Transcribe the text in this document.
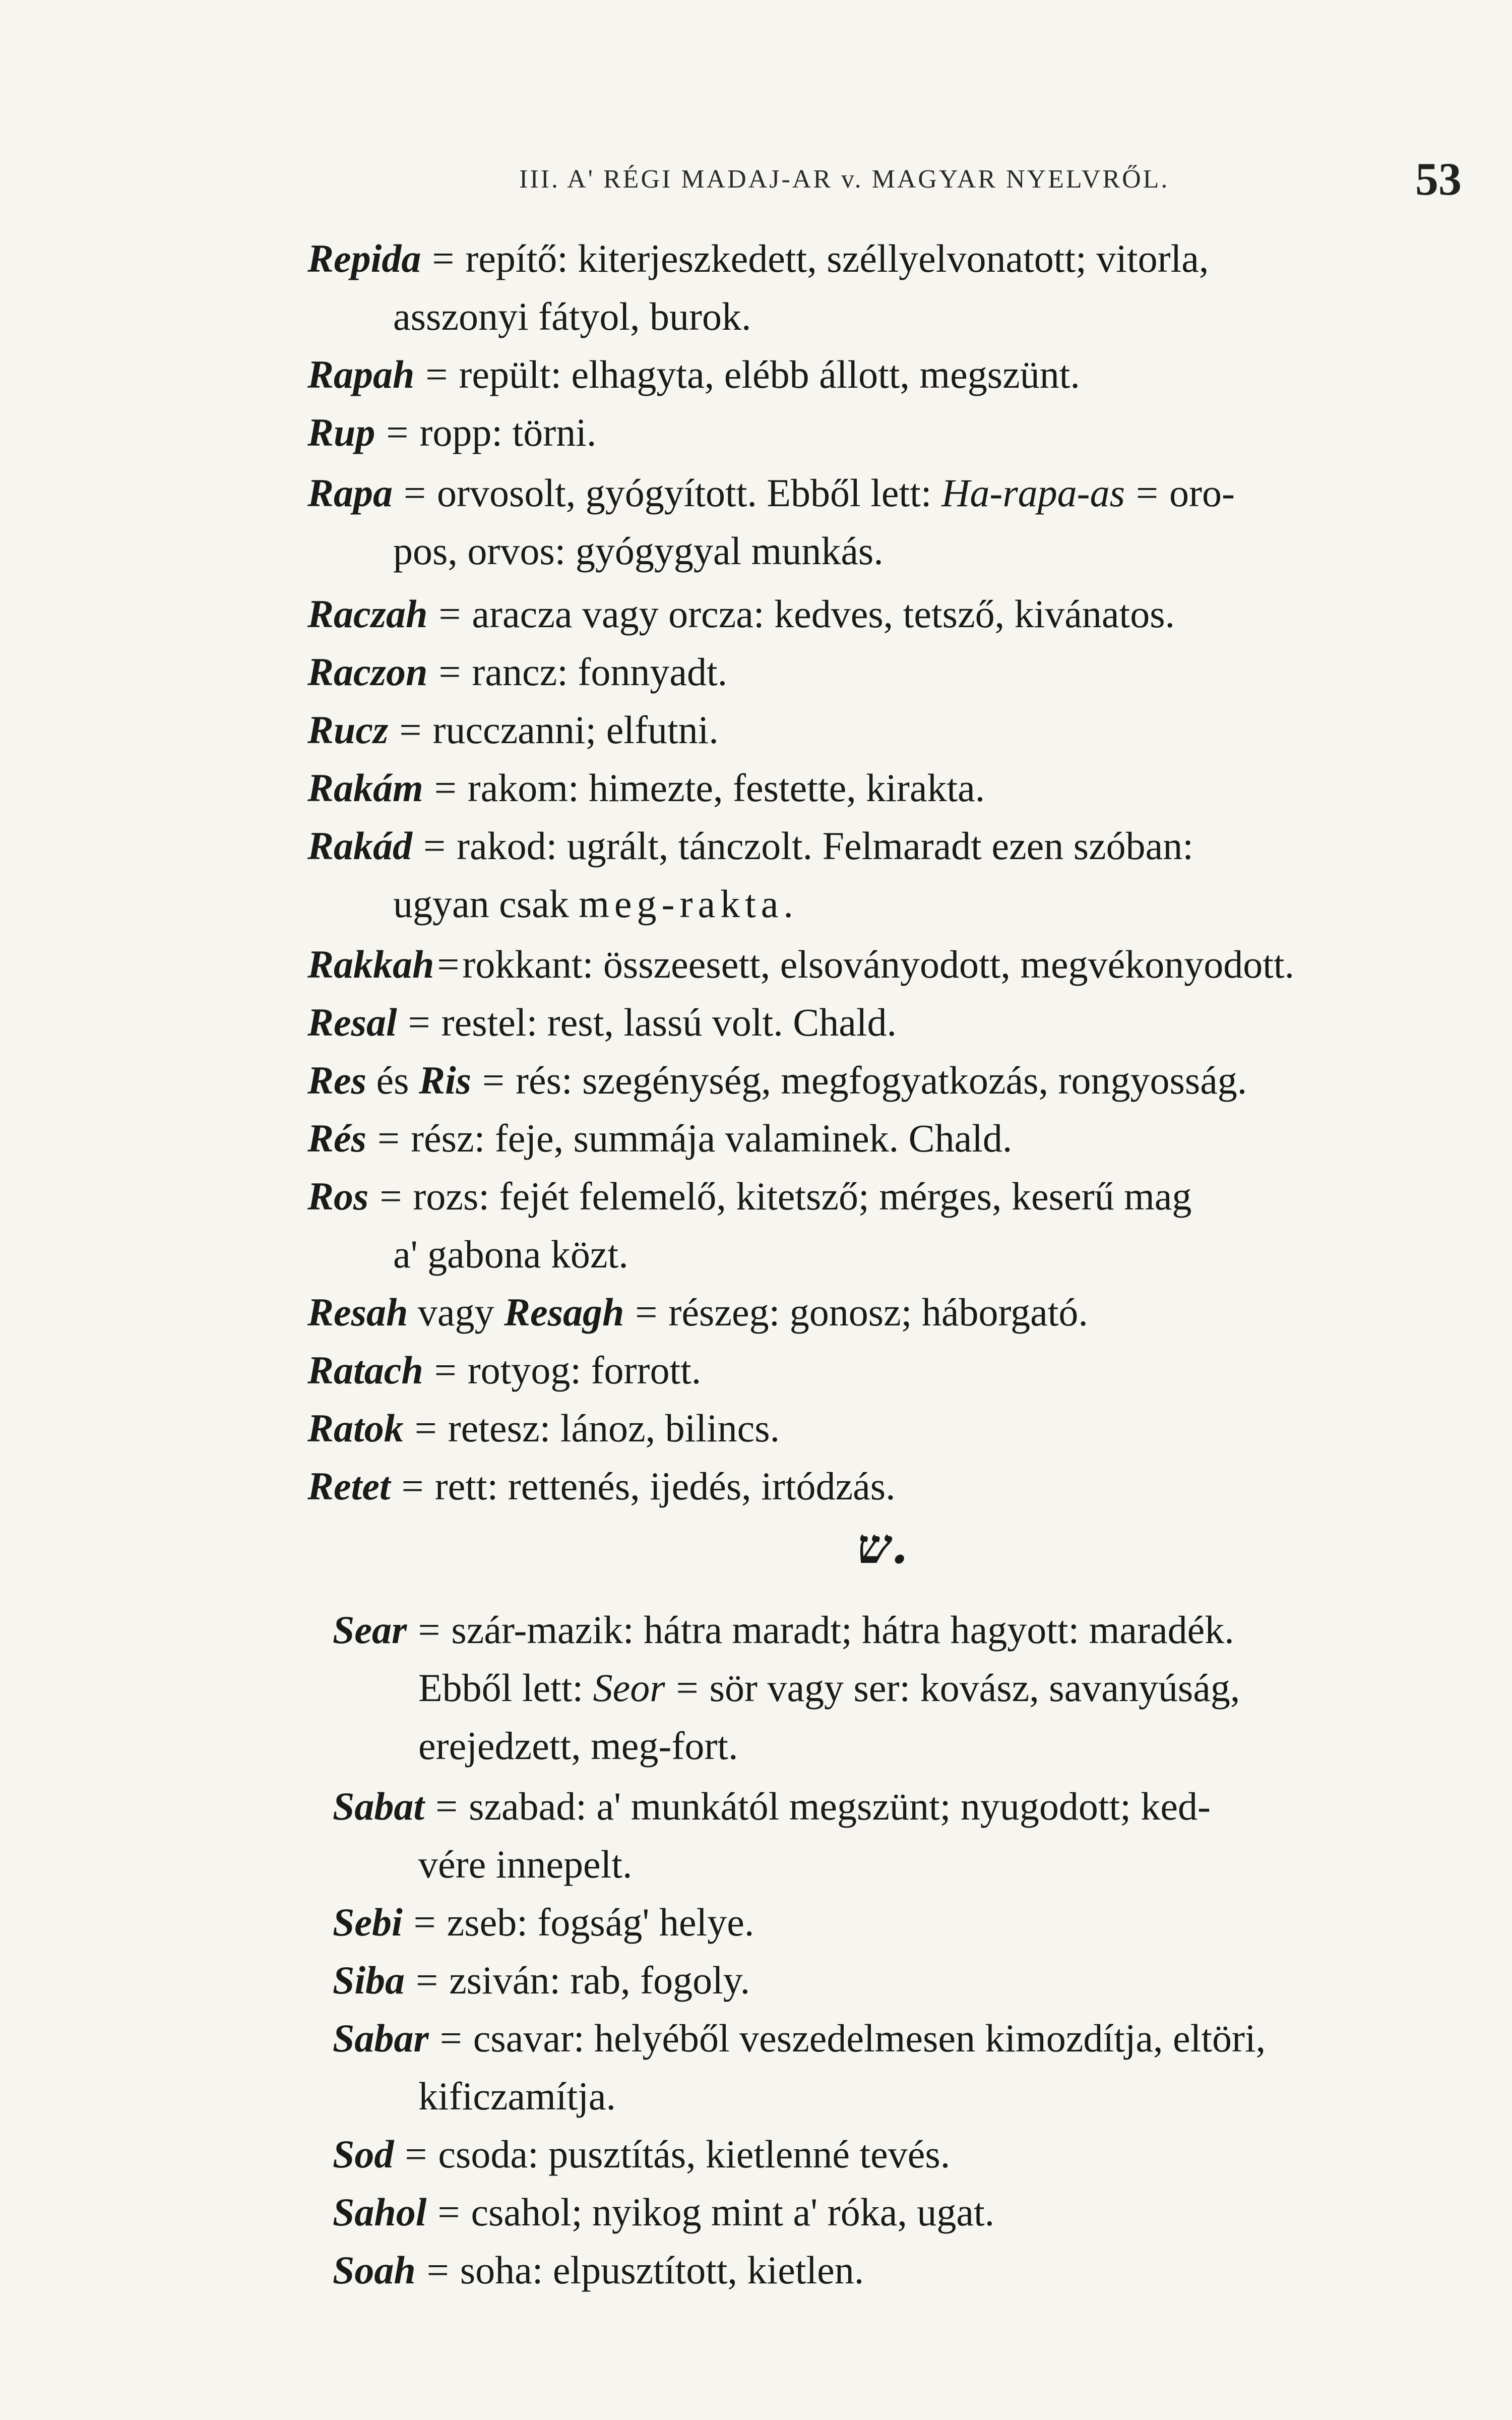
III. A' RÉGI MADAJ-AR v. MAGYAR NYELVRŐL.	53
Repida = repítő: kiterjeszkedett, széllyelvonatott; vitorla,
asszonyi fátyol, burok.
Rapah = repült: elhagyta, elébb állott, megszünt.
Rup = ropp: törni.
Rapa = orvosolt, gyógyított. Ebből lett: Ha-rapa-as = oro-
pos, orvos: gyógygyal munkás.
Raczah = aracza vagy orcza: kedves, tetsző, kivánatos.
Raczon = rancz: fonnyadt.
Rucz = rucczanni; elfutni.
Rakám = rakom: himezte, festette, kirakta.
Rakád = rakod: ugrált, tánczolt. Felmaradt ezen szóban:
ugyan csak meg-rakta.
Rakkah=rokkant: összeesett, elsoványodott, megvékonyodott.
Resal = restel: rest, lassú volt. Chald.
Res és Ris = rés: szegénység, megfogyatkozás, rongyosság.
Rés = rész: feje, summája valaminek. Chald.
Ros = rozs: fejét felemelő, kitetsző; mérges, keserű mag
a' gabona közt.
Resah vagy Resagh = részeg: gonosz; háborgató.
Ratach = rotyog: forrott.
Ratok = retesz: lánoz, bilincs.
Retet = rett: rettenés, ijedés, irtódzás.
ש.
Sear = szár-mazik: hátra maradt; hátra hagyott: maradék.
Ebből lett: Seor = sör vagy ser: kovász, savanyúság,
erejedzett, meg-fort.
Sabat = szabad: a' munkától megszünt; nyugodott; ked-
vére innepelt.
Sebi = zseb: fogság' helye.
Siba = zsiván: rab, fogoly.
Sabar = csavar: helyéből veszedelmesen kimozdítja, eltöri,
kificzamítja.
Sod = csoda: pusztítás, kietlenné tevés.
Sahol = csahol; nyikog mint a' róka, ugat.
Soah = soha: elpusztított, kietlen.
